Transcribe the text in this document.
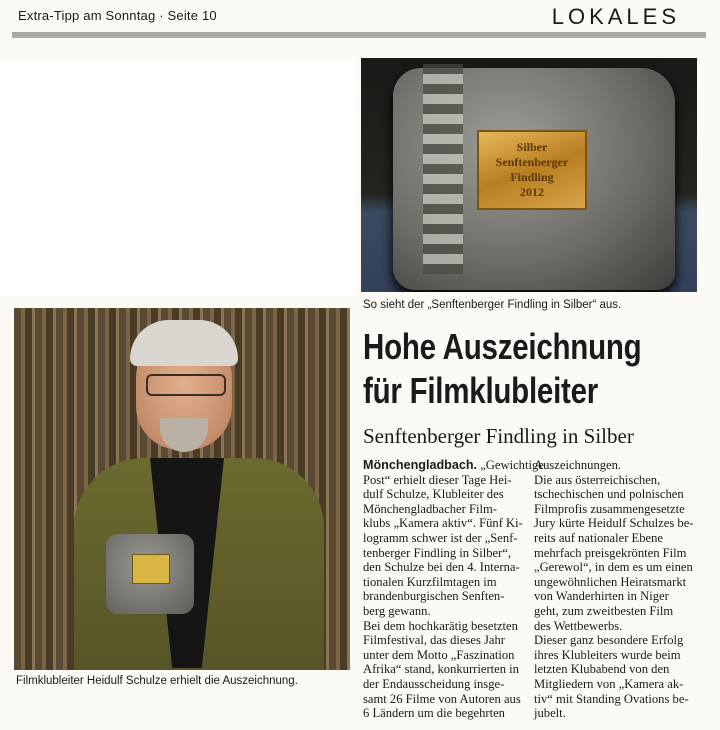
Extra-Tipp am Sonntag · Seite 10	LOKALES
Silber
Senftenberger
Findling
2012
So sieht der „Senftenberger Findling in Silber“ aus.
Filmklubleiter Heidulf Schulze erhielt die Auszeichnung.
Hohe Auszeichnung
für Filmklubleiter
Senftenberger Findling in Silber
Mönchengladbach. „Gewichtige
Post“ erhielt dieser Tage Hei-
dulf Schulze, Klubleiter des
Mönchengladbacher Film-
klubs „Kamera aktiv“. Fünf Ki-
logramm schwer ist der „Senf-
tenberger Findling in Silber“,
den Schulze bei den 4. Interna-
tionalen Kurzfilmtagen im
brandenburgischen Senften-
berg gewann.
Bei dem hochkarätig besetzten
Filmfestival, das dieses Jahr
unter dem Motto „Faszination
Afrika“ stand, konkurrierten in
der Endausscheidung insge-
samt 26 Filme von Autoren aus
6 Ländern um die begehrten
Auszeichnungen.
Die aus österreichischen,
tschechischen und polnischen
Filmprofis zusammengesetzte
Jury kürte Heidulf Schulzes be-
reits auf nationaler Ebene
mehrfach preisgekrönten Film
„Gerewol“, in dem es um einen
ungewöhnlichen Heiratsmarkt
von Wanderhirten in Niger
geht, zum zweitbesten Film
des Wettbewerbs.
Dieser ganz besondere Erfolg
ihres Klubleiters wurde beim
letzten Klubabend von den
Mitgliedern von „Kamera ak-
tiv“ mit Standing Ovations be-
jubelt.
